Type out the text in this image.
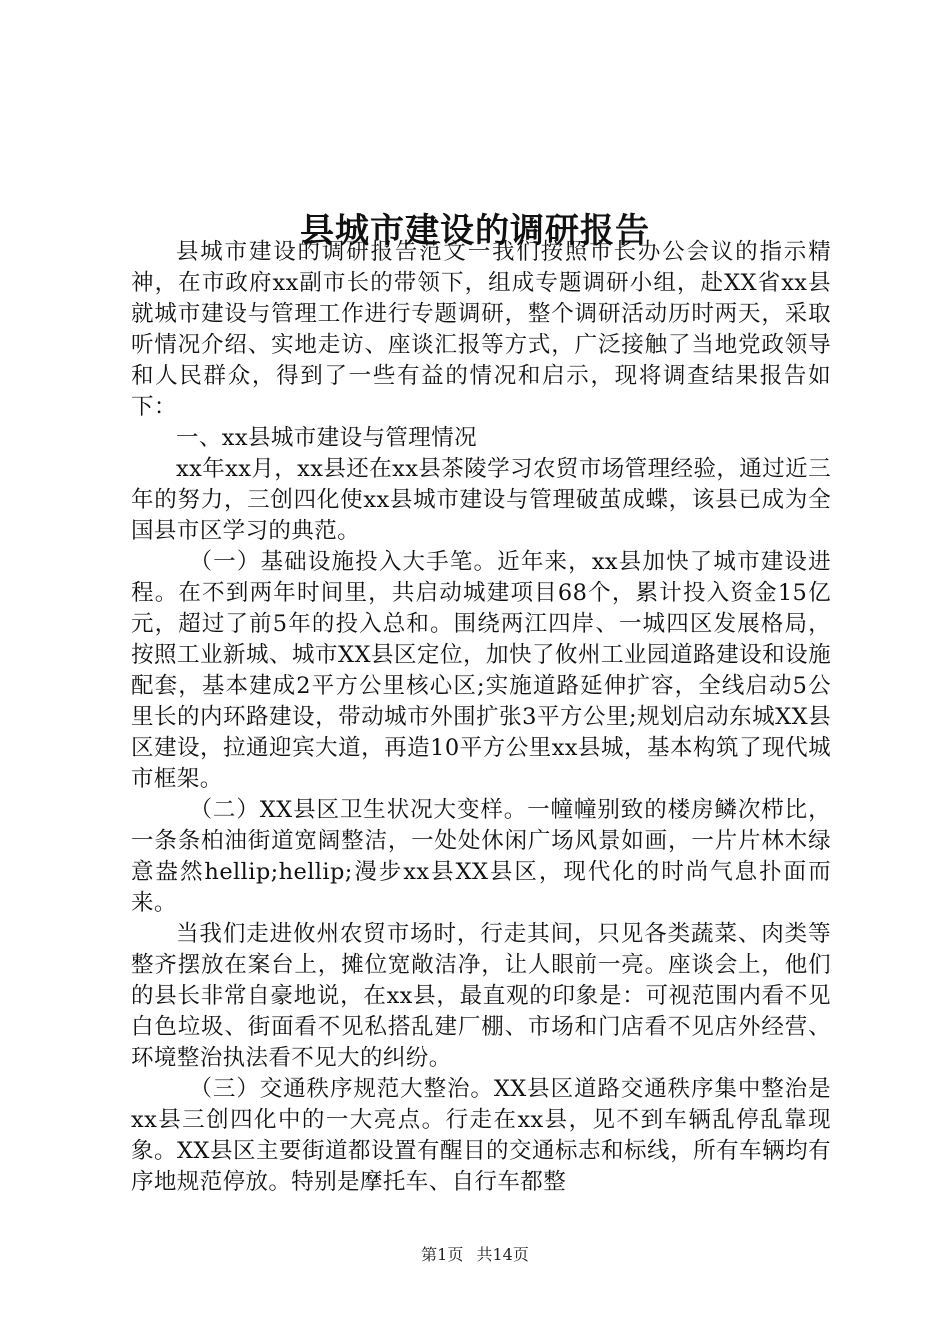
县城市建设的调研报告

县城市建设的调研报告范文一我们按照市长办公会议的指示精神，在市政府xx副市长的带领下，组成专题调研小组，赴XX省xx县就城市建设与管理工作进行专题调研，整个调研活动历时两天，采取听情况介绍、实地走访、座谈汇报等方式，广泛接触了当地党政领导和人民群众，得到了一些有益的情况和启示，现将调查结果报告如下：

一、xx县城市建设与管理情况

xx年xx月，xx县还在xx县茶陵学习农贸市场管理经验，通过近三年的努力，三创四化使xx县城市建设与管理破茧成蝶，该县已成为全国县市区学习的典范。

（一）基础设施投入大手笔。近年来，xx县加快了城市建设进程。在不到两年时间里，共启动城建项目68个，累计投入资金15亿元，超过了前5年的投入总和。围绕两江四岸、一城四区发展格局，按照工业新城、城市XX县区定位，加快了攸州工业园道路建设和设施配套，基本建成2平方公里核心区;实施道路延伸扩容，全线启动5公里长的内环路建设，带动城市外围扩张3平方公里;规划启动东城XX县区建设，拉通迎宾大道，再造10平方公里xx县城，基本构筑了现代城市框架。

（二）XX县区卫生状况大变样。一幢幢别致的楼房鳞次栉比，一条条柏油街道宽阔整洁，一处处休闲广场风景如画，一片片林木绿意盎然hellip;hellip;漫步xx县XX县区，现代化的时尚气息扑面而来。

当我们走进攸州农贸市场时，行走其间，只见各类蔬菜、肉类等整齐摆放在案台上，摊位宽敞洁净，让人眼前一亮。座谈会上，他们的县长非常自豪地说，在xx县，最直观的印象是：可视范围内看不见白色垃圾、街面看不见私搭乱建厂棚、市场和门店看不见店外经营、环境整治执法看不见大的纠纷。

（三）交通秩序规范大整治。XX县区道路交通秩序集中整治是xx县三创四化中的一大亮点。行走在xx县，见不到车辆乱停乱靠现象。XX县区主要街道都设置有醒目的交通标志和标线，所有车辆均有序地规范停放。特别是摩托车、自行车都整

第1页 共14页
